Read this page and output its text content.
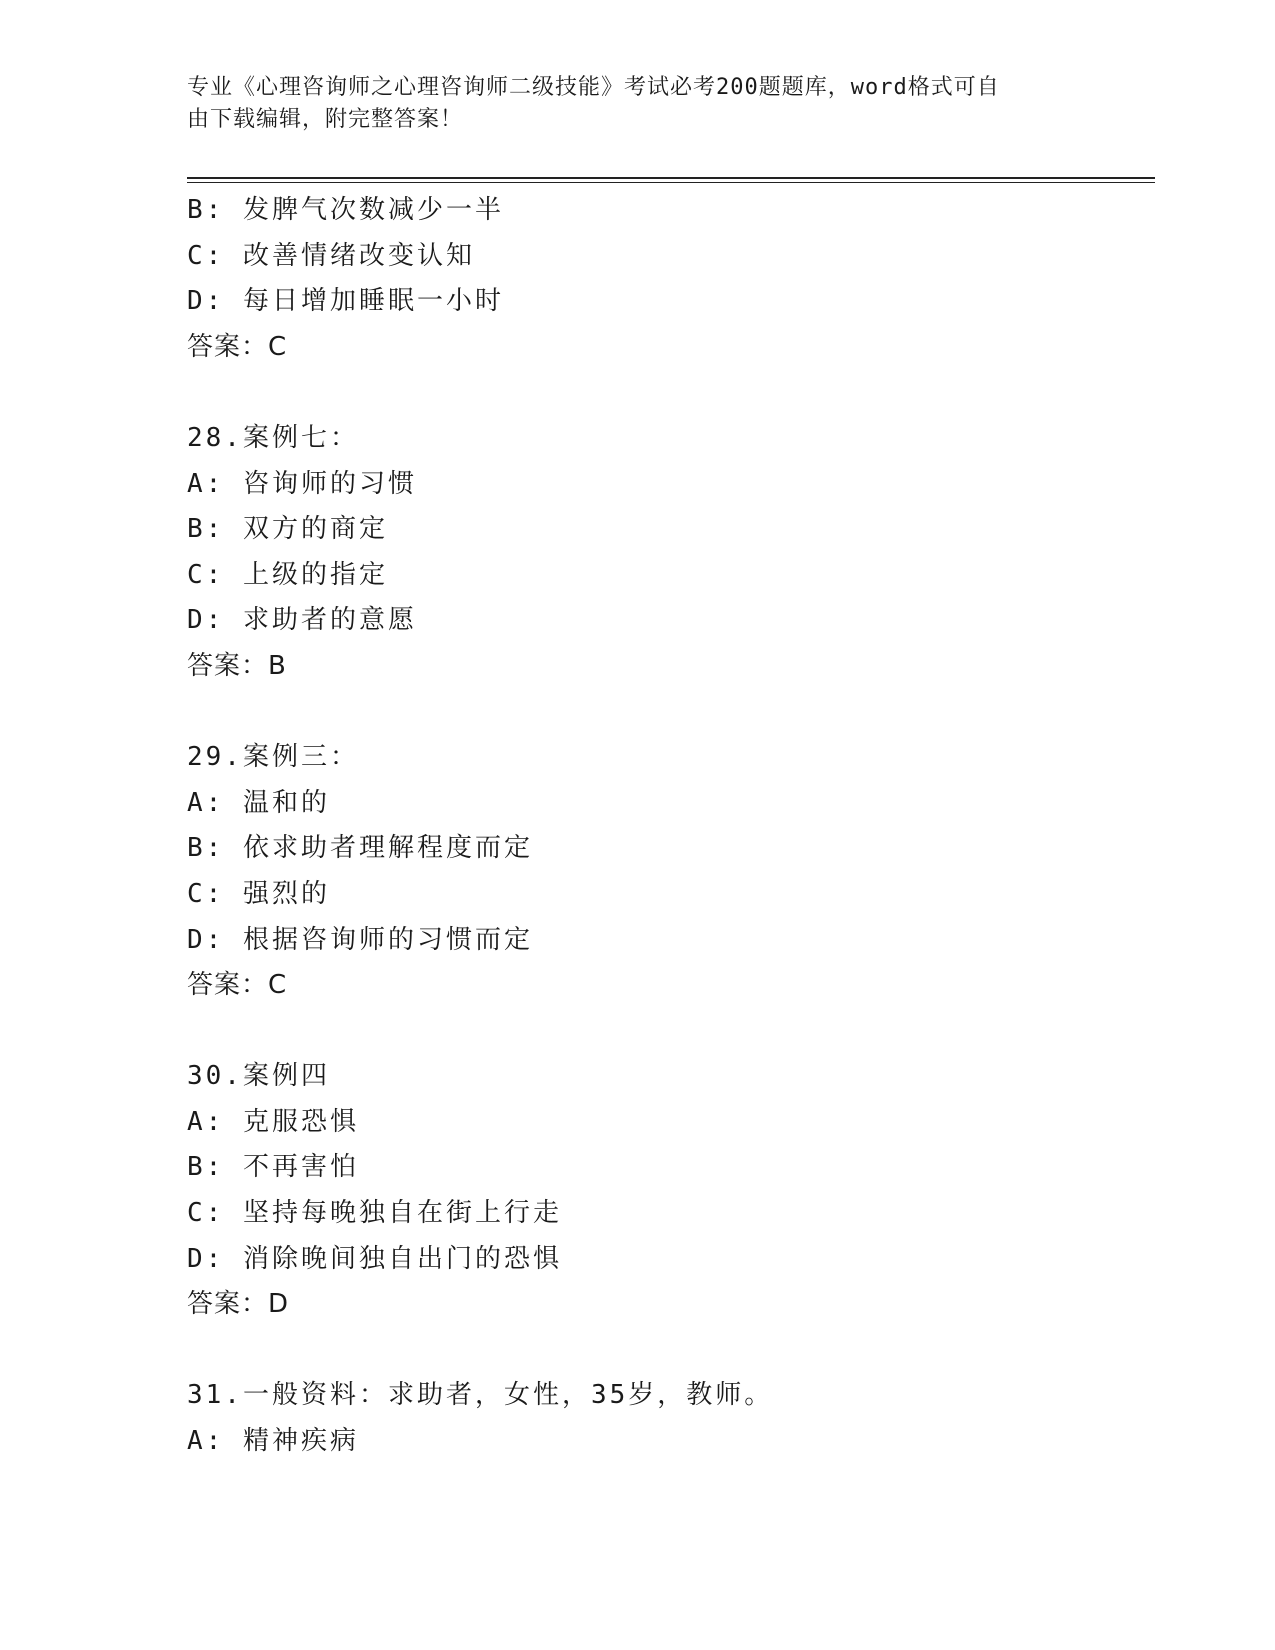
专业《心理咨询师之心理咨询师二级技能》考试必考200题题库，word格式可自
由下载编辑，附完整答案！
B: 发脾气次数减少一半
C: 改善情绪改变认知
D: 每日增加睡眠一小时
答案：C
28.案例七：
A: 咨询师的习惯
B: 双方的商定
C: 上级的指定
D: 求助者的意愿
答案：B
29.案例三：
A: 温和的
B: 依求助者理解程度而定
C: 强烈的
D: 根据咨询师的习惯而定
答案：C
30.案例四
A: 克服恐惧
B: 不再害怕
C: 坚持每晚独自在街上行走
D: 消除晚间独自出门的恐惧
答案：D
31.一般资料：求助者，女性，35岁，教师。
A: 精神疾病
